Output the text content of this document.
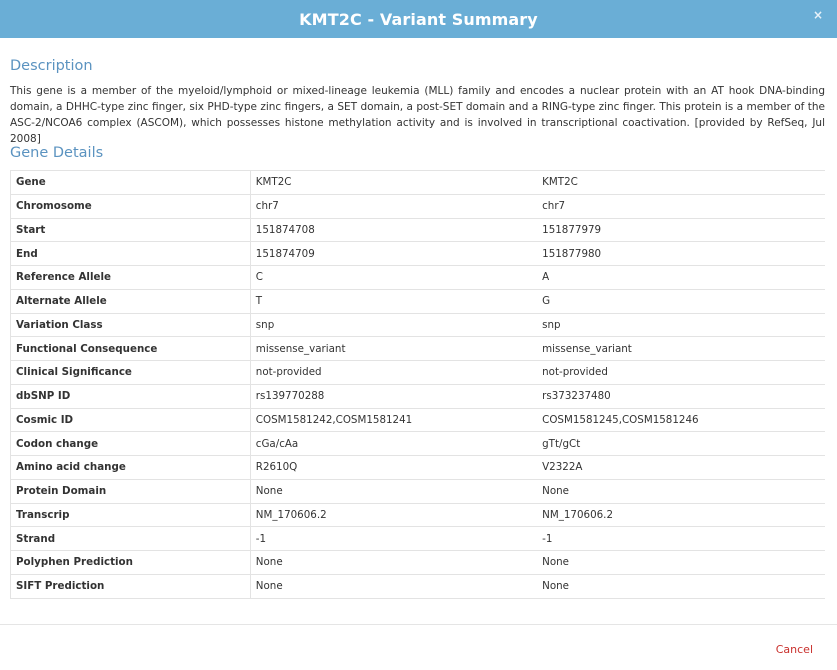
KMT2C - Variant Summary	×
Description
This gene is a member of the myeloid/lymphoid or mixed-lineage leukemia (MLL) family and encodes a nuclear protein with an AT hook DNA-binding domain, a DHHC-type zinc finger, six PHD-type zinc fingers, a SET domain, a post-SET domain and a RING-type zinc finger. This protein is a member of the ASC-2/NCOA6 complex (ASCOM), which possesses histone methylation activity and is involved in transcriptional coactivation. [provided by RefSeq, Jul 2008]
Gene Details
Gene	KMT2C	KMT2C
Chromosome	chr7	chr7
Start	151874708	151877979
End	151874709	151877980
Reference Allele	C	A
Alternate Allele	T	G
Variation Class	snp	snp
Functional Consequence	missense_variant	missense_variant
Clinical Significance	not-provided	not-provided
dbSNP ID	rs139770288	rs373237480
Cosmic ID	COSM1581242,COSM1581241	COSM1581245,COSM1581246
Codon change	cGa/cAa	gTt/gCt
Amino acid change	R2610Q	V2322A
Protein Domain	None	None
Transcrip	NM_170606.2	NM_170606.2
Strand	-1	-1
Polyphen Prediction	None	None
SIFT Prediction	None	None
Cancel
